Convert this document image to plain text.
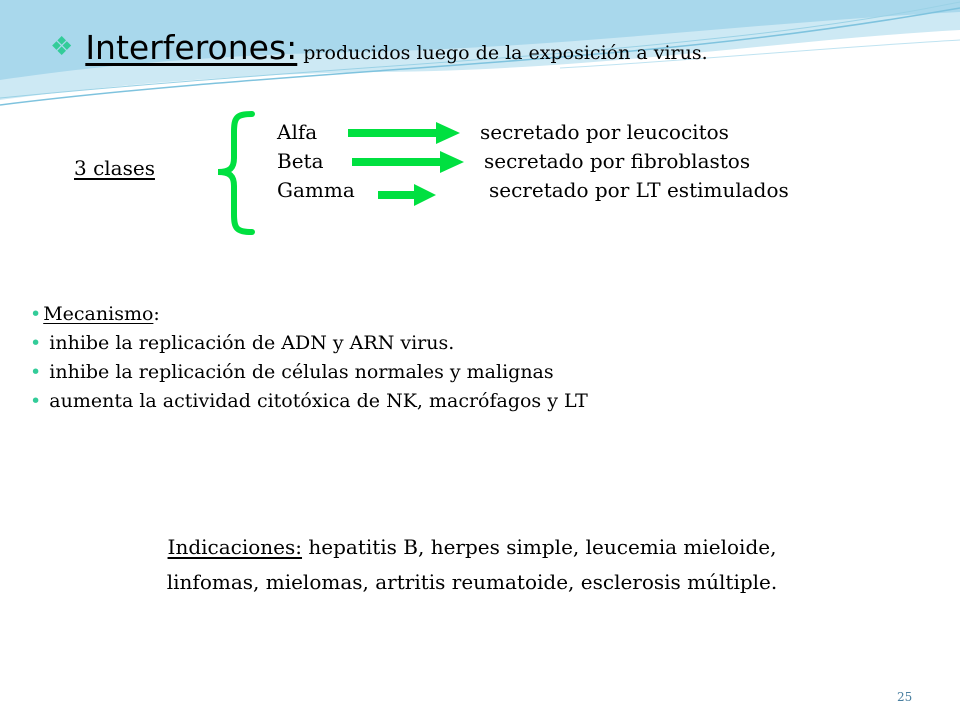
❖ Interferones: producidos luego de la exposición a virus.
3 clases
Alfa
Beta
Gamma
secretado por leucocitos
secretado por fibroblastos
secretado por LT estimulados
• Mecanismo:
• inhibe la replicación de ADN y ARN virus.
• inhibe la replicación de células normales y malignas
• aumenta la actividad citotóxica de NK, macrófagos y LT
Indicaciones: hepatitis B, herpes simple, leucemia mieloide,
linfomas, mielomas, artritis reumatoide, esclerosis múltiple.
25
